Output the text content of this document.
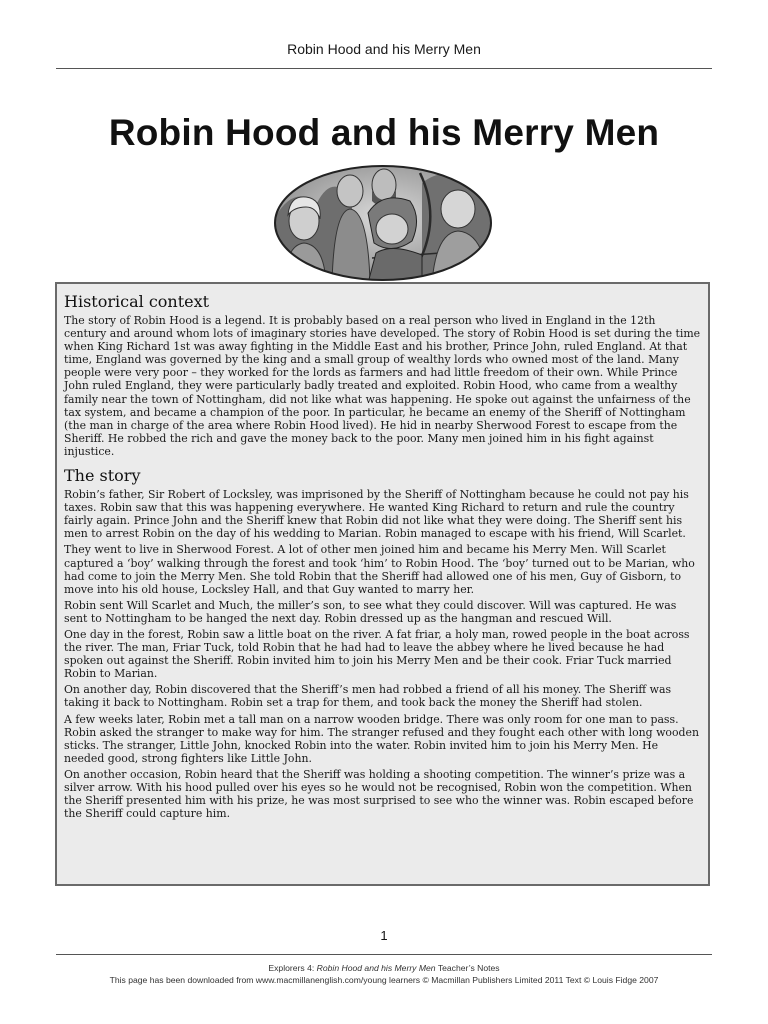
Robin Hood and his Merry Men
Robin Hood and his Merry Men
Historical context

The story of Robin Hood is a legend. It is probably based on a real person who lived in England in the 12th century and around whom lots of imaginary stories have developed. The story of Robin Hood is set during the time when King Richard 1st was away fighting in the Middle East and his brother, Prince John, ruled England. At that time, England was governed by the king and a small group of wealthy lords who owned most of the land. Many people were very poor – they worked for the lords as farmers and had little freedom of their own. While Prince John ruled England, they were particularly badly treated and exploited. Robin Hood, who came from a wealthy family near the town of Nottingham, did not like what was happening. He spoke out against the unfairness of the tax system, and became a champion of the poor. In particular, he became an enemy of the Sheriff of Nottingham (the man in charge of the area where Robin Hood lived). He hid in nearby Sherwood Forest to escape from the Sheriff. He robbed the rich and gave the money back to the poor. Many men joined him in his fight against injustice.

The story

Robin’s father, Sir Robert of Locksley, was imprisoned by the Sheriff of Nottingham because he could not pay his taxes. Robin saw that this was happening everywhere. He wanted King Richard to return and rule the country fairly again. Prince John and the Sheriff knew that Robin did not like what they were doing. The Sheriff sent his men to arrest Robin on the day of his wedding to Marian. Robin managed to escape with his friend, Will Scarlet.

They went to live in Sherwood Forest. A lot of other men joined him and became his Merry Men. Will Scarlet captured a ‘boy’ walking through the forest and took ‘him’ to Robin Hood. The ‘boy’ turned out to be Marian, who had come to join the Merry Men. She told Robin that the Sheriff had allowed one of his men, Guy of Gisborn, to move into his old house, Locksley Hall, and that Guy wanted to marry her.

Robin sent Will Scarlet and Much, the miller’s son, to see what they could discover. Will was captured. He was sent to Nottingham to be hanged the next day. Robin dressed up as the hangman and rescued Will.

One day in the forest, Robin saw a little boat on the river. A fat friar, a holy man, rowed people in the boat across the river. The man, Friar Tuck, told Robin that he had had to leave the abbey where he lived because he had spoken out against the Sheriff. Robin invited him to join his Merry Men and be their cook. Friar Tuck married Robin to Marian.

On another day, Robin discovered that the Sheriff’s men had robbed a friend of all his money. The Sheriff was taking it back to Nottingham. Robin set a trap for them, and took back the money the Sheriff had stolen.

A few weeks later, Robin met a tall man on a narrow wooden bridge. There was only room for one man to pass. Robin asked the stranger to make way for him. The stranger refused and they fought each other with long wooden sticks. The stranger, Little John, knocked Robin into the water. Robin invited him to join his Merry Men. He needed good, strong fighters like Little John.

On another occasion, Robin heard that the Sheriff was holding a shooting competition. The winner’s prize was a silver arrow. With his hood pulled over his eyes so he would not be recognised, Robin won the competition. When the Sheriff presented him with his prize, he was most surprised to see who the winner was. Robin escaped before the Sheriff could capture him.

1
Explorers 4: Robin Hood and his Merry Men Teacher’s Notes
This page has been downloaded from www.macmillanenglish.com/young learners © Macmillan Publishers Limited 2011 Text © Louis Fidge 2007
